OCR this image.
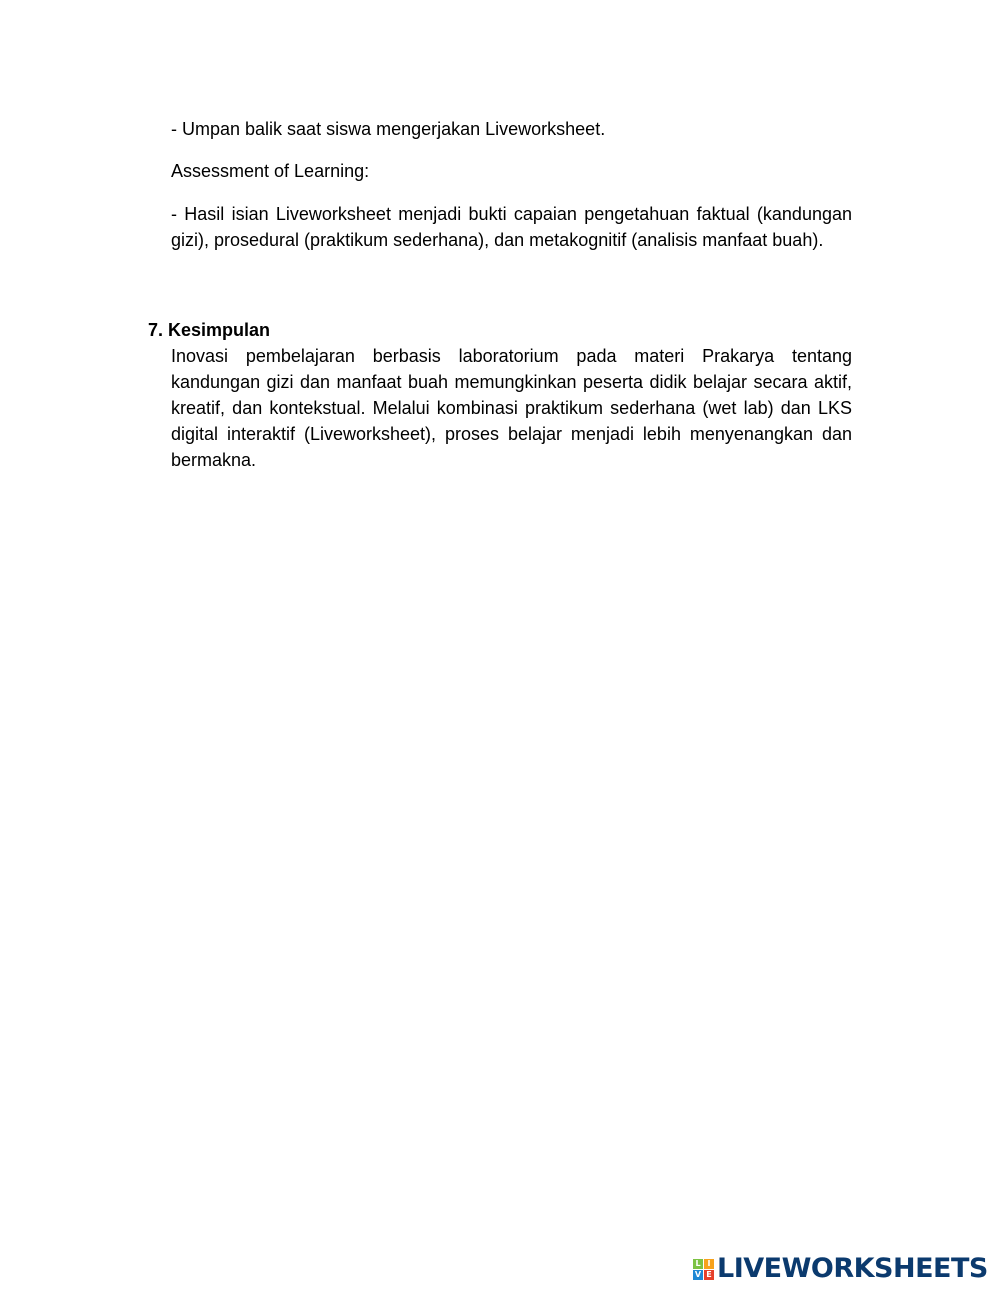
- Umpan balik saat siswa mengerjakan Liveworksheet.

Assessment of Learning:

- Hasil isian Liveworksheet menjadi bukti capaian pengetahuan faktual (kandungan gizi), prosedural (praktikum sederhana), dan metakognitif (analisis manfaat buah).

7. Kesimpulan

Inovasi pembelajaran berbasis laboratorium pada materi Prakarya tentang kandungan gizi dan manfaat buah memungkinkan peserta didik belajar secara aktif, kreatif, dan kontekstual. Melalui kombinasi praktikum sederhana (wet lab) dan LKS digital interaktif (Liveworksheet), proses belajar menjadi lebih menyenangkan dan bermakna.

L I
V E LIVEWORKSHEETS
